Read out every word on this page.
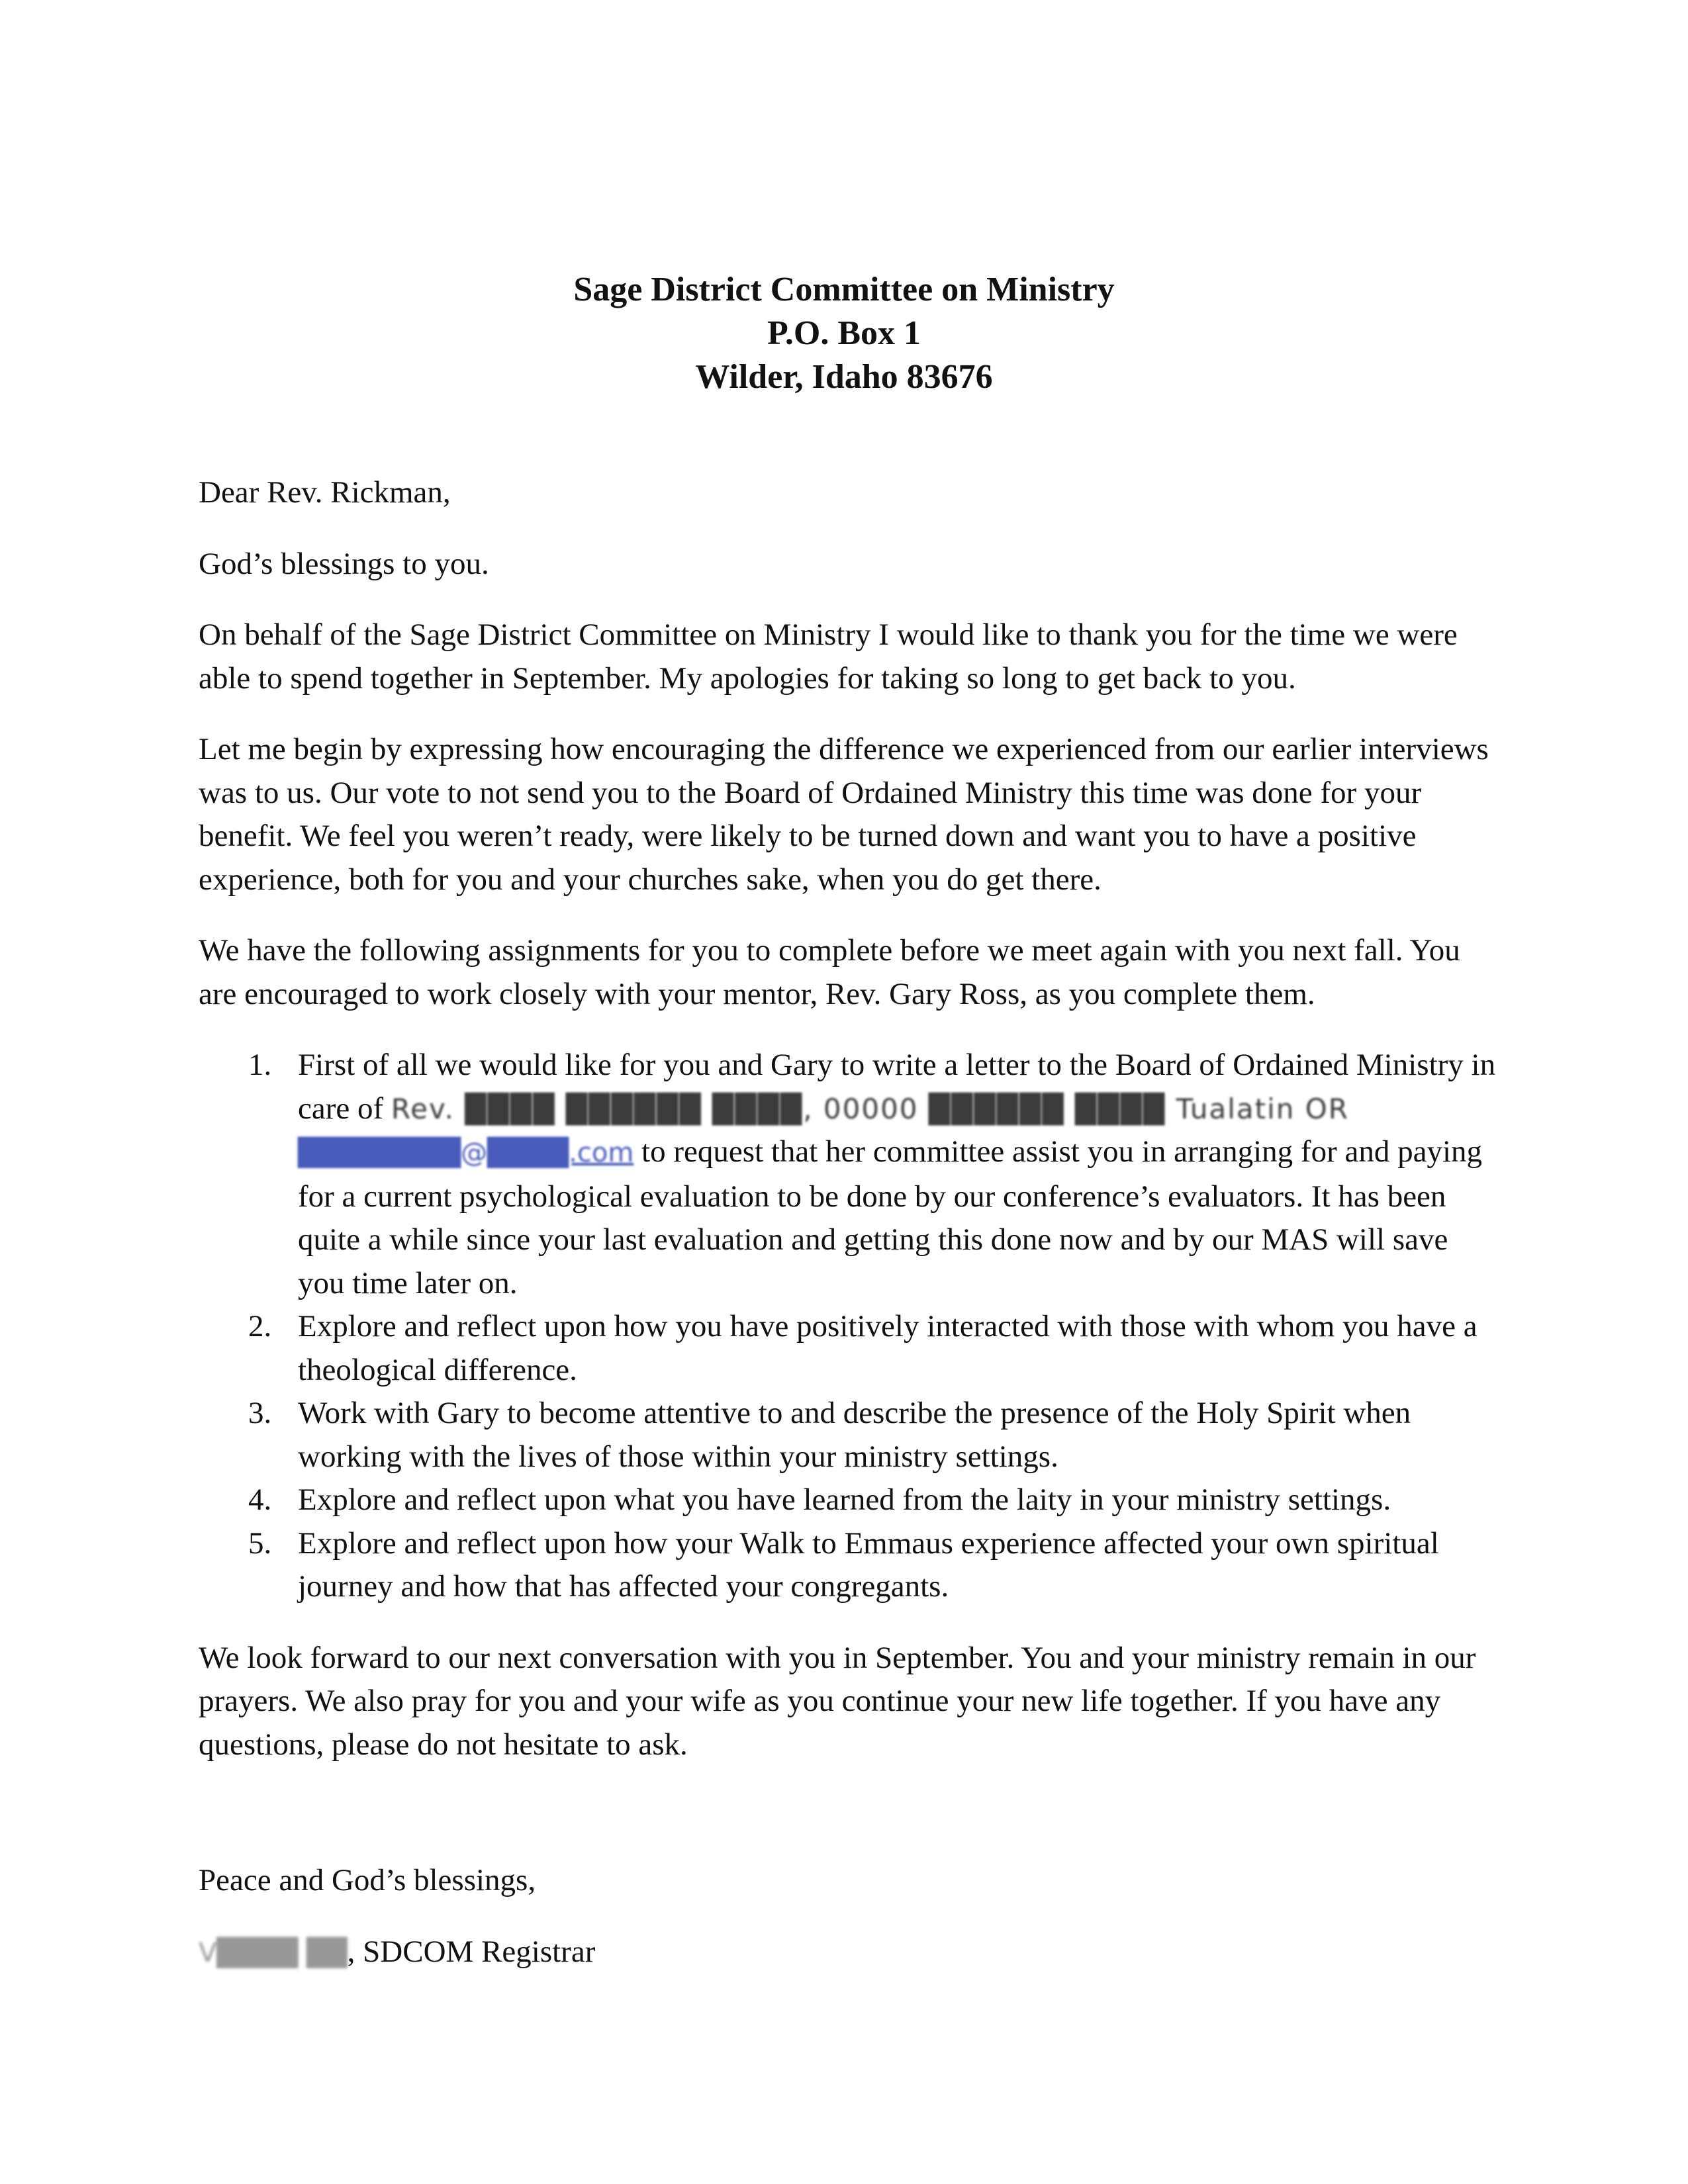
Sage District Committee on Ministry
P.O. Box 1
Wilder, Idaho 83676

Dear Rev. Rickman,

God’s blessings to you.

On behalf of the Sage District Committee on Ministry I would like to thank you for the time we were able to spend together in September. My apologies for taking so long to get back to you.

Let me begin by expressing how encouraging the difference we experienced from our earlier interviews was to us. Our vote to not send you to the Board of Ordained Ministry this time was done for your benefit. We feel you weren’t ready, were likely to be turned down and want you to have a positive experience, both for you and your churches sake, when you do get there.

We have the following assignments for you to complete before we meet again with you next fall. You are encouraged to work closely with your mentor, Rev. Gary Ross, as you complete them.

1. First of all we would like for you and Gary to write a letter to the Board of Ordained Ministry in care of Rev. ████ ██████ ████, 00000 ██████ ████ Tualatin OR ████████@████.com to request that her committee assist you in arranging for and paying for a current psychological evaluation to be done by our conference’s evaluators. It has been quite a while since your last evaluation and getting this done now and by our MAS will save you time later on.
2. Explore and reflect upon how you have positively interacted with those with whom you have a theological difference.
3. Work with Gary to become attentive to and describe the presence of the Holy Spirit when working with the lives of those within your ministry settings.
4. Explore and reflect upon what you have learned from the laity in your ministry settings.
5. Explore and reflect upon how your Walk to Emmaus experience affected your own spiritual journey and how that has affected your congregants.

We look forward to our next conversation with you in September. You and your ministry remain in our prayers. We also pray for you and your wife as you continue your new life together. If you have any questions, please do not hesitate to ask.

Peace and God’s blessings,

V████ ██, SDCOM Registrar
